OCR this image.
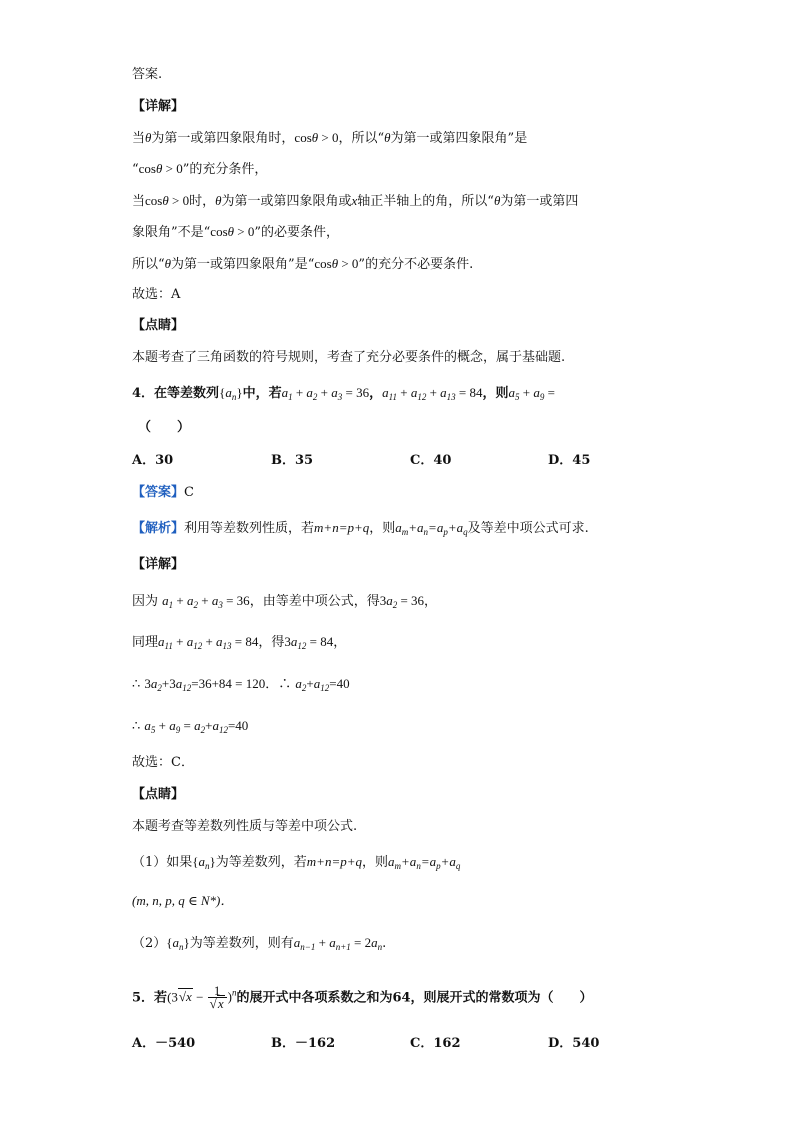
答案.
【详解】
当θ为第一或第四象限角时，cosθ > 0，所以“θ为第一或第四象限角”是
“cosθ > 0”的充分条件，
当cosθ > 0时，θ为第一或第四象限角或x轴正半轴上的角，所以“θ为第一或第四
象限角”不是“cosθ > 0”的必要条件，
所以“θ为第一或第四象限角”是“cosθ > 0”的充分不必要条件.
故选：A
【点睛】
本题考查了三角函数的符号规则，考查了充分必要条件的概念，属于基础题.
4．在等差数列$\{a_n\}$中，若$a_1 + a_2 + a_3 = 36$，$a_{11} + a_{12} + a_{13} = 84$，则$a_5 + a_9$ =
（　　）
A．30	B．35	C．40	D．45
【答案】C
【解析】利用等差数列性质，若m+n=p+q，则$a_m+a_n=a_p+a_q$及等差中项公式可求.
【详解】
因为 $a_1 + a_2 + a_3 = 36$，由等差中项公式，得$3a_2 = 36$，
同理$a_{11} + a_{12} + a_{13} = 84$，得$3a_{12} = 84$，
∴ $3a_2+3a_{12}=36+84 = 120$．∴ $a_2+a_{12}=40$
∴ $a_5 + a_9 = a_2+a_{12}=40$
故选：C．
【点睛】
本题考查等差数列性质与等差中项公式.
（1）如果$\{a_n\}$为等差数列，若m+n=p+q，则$a_m+a_n=a_p+a_q$
(m, n, p, q ∈ N*)．
$(2)\{a_n\}$为等差数列，则有$a_{n-1} + a_{n+1} = 2a_n$.
5．若$(3√x - \frac{1}{√x} )^n$的展开式中各项系数之和为64，则展开式的常数项为（　　）
A．－540	B．－162	C．162	D．540
